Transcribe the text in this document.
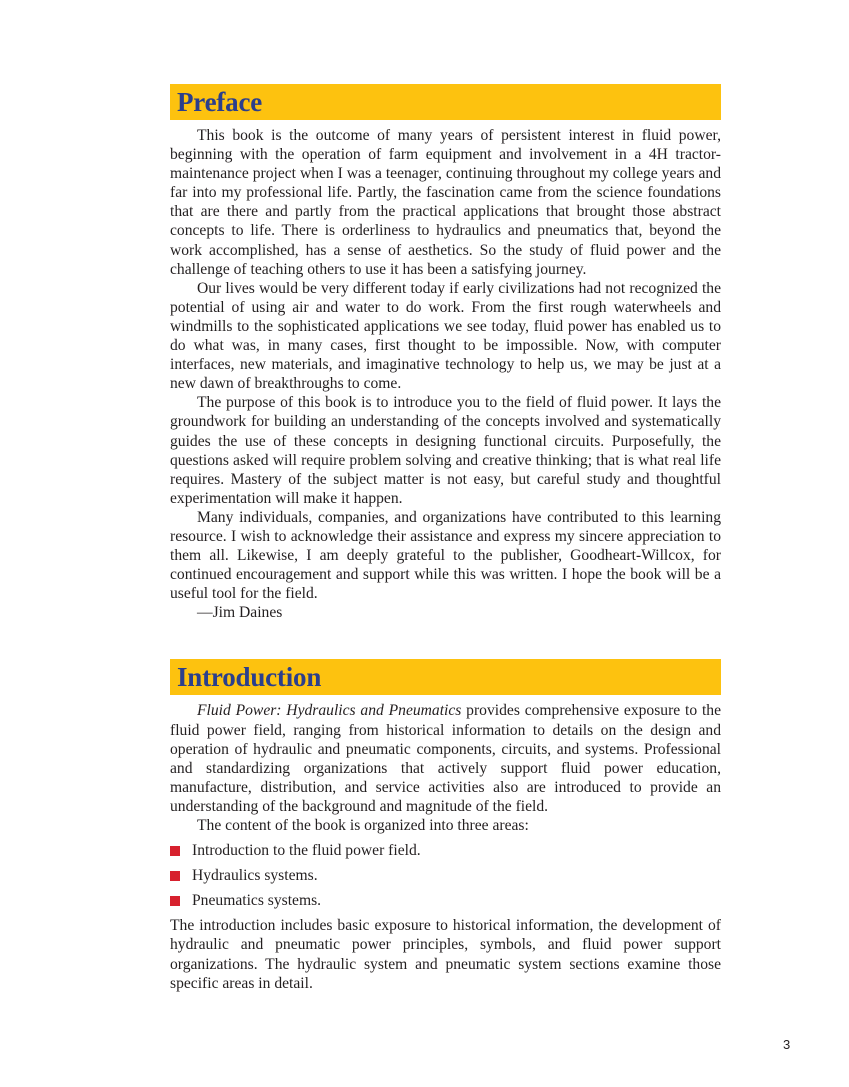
Preface

This book is the outcome of many years of persistent interest in fluid power, beginning with the operation of farm equipment and involvement in a 4H tractor-maintenance project when I was a teenager, continuing throughout my college years and far into my professional life. Partly, the fascination came from the science foundations that are there and partly from the practical applications that brought those abstract concepts to life. There is orderliness to hydraulics and pneumatics that, beyond the work accomplished, has a sense of aesthetics. So the study of fluid power and the challenge of teaching others to use it has been a satisfying journey.

Our lives would be very different today if early civilizations had not recognized the potential of using air and water to do work. From the first rough waterwheels and windmills to the sophisticated applications we see today, fluid power has enabled us to do what was, in many cases, first thought to be impossible. Now, with computer interfaces, new materials, and imaginative technology to help us, we may be just at a new dawn of breakthroughs to come.

The purpose of this book is to introduce you to the field of fluid power. It lays the groundwork for building an understanding of the concepts involved and systematically guides the use of these concepts in designing functional circuits. Purposefully, the questions asked will require problem solving and creative thinking; that is what real life requires. Mastery of the subject matter is not easy, but careful study and thoughtful experimentation will make it happen.

Many individuals, companies, and organizations have contributed to this learning resource. I wish to acknowledge their assistance and express my sincere appreciation to them all. Likewise, I am deeply grateful to the publisher, Goodheart-Willcox, for continued encouragement and support while this was written. I hope the book will be a useful tool for the field.

—Jim Daines

Introduction

Fluid Power: Hydraulics and Pneumatics provides comprehensive exposure to the fluid power field, ranging from historical information to details on the design and operation of hydraulic and pneumatic components, circuits, and systems. Professional and standardizing organizations that actively support fluid power education, manufacture, distribution, and service activities also are introduced to provide an understanding of the background and magnitude of the field.

The content of the book is organized into three areas:

Introduction to the fluid power field.
Hydraulics systems.
Pneumatics systems.

The introduction includes basic exposure to historical information, the development of hydraulic and pneumatic power principles, symbols, and fluid power support organizations. The hydraulic system and pneumatic system sections examine those specific areas in detail.

3
